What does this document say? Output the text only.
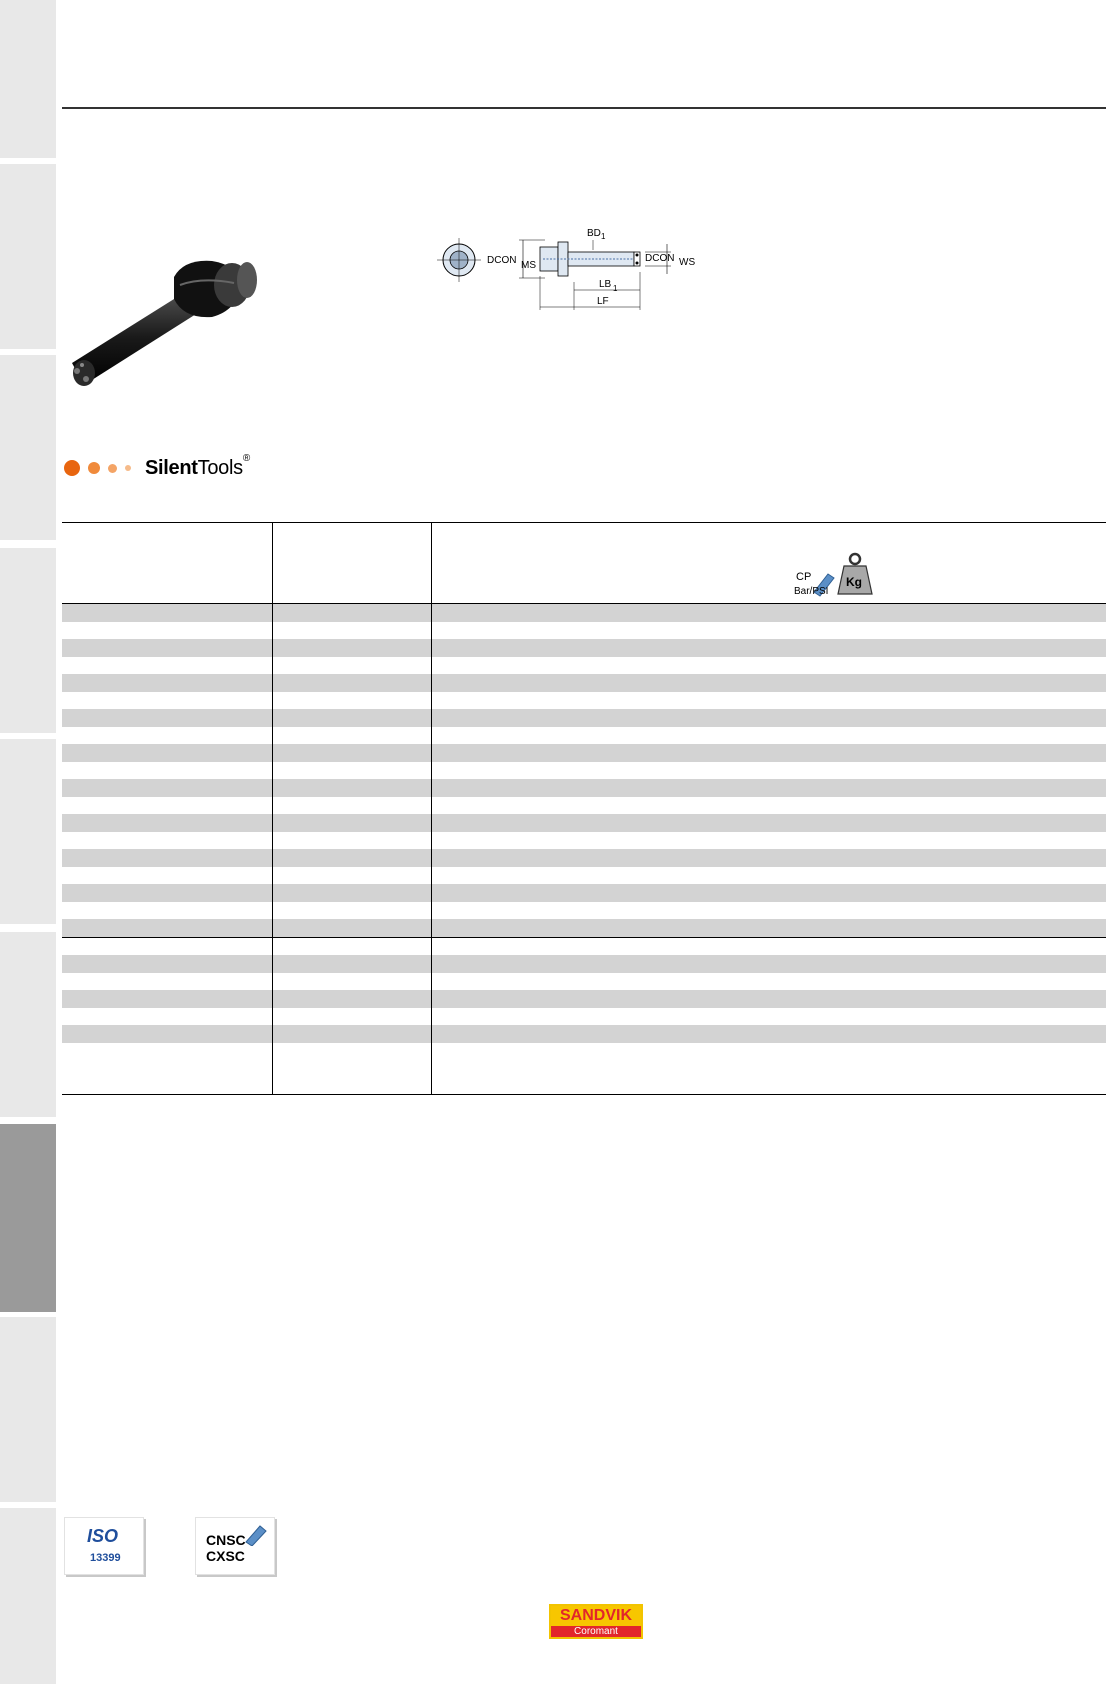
DCON MS
BD 1
DCON WS
LB 1
LF
SilentTools®
CP
Bar/PSI
Kg
ISO
13399
CNSC
CXSC
SANDVIK
Coromant
